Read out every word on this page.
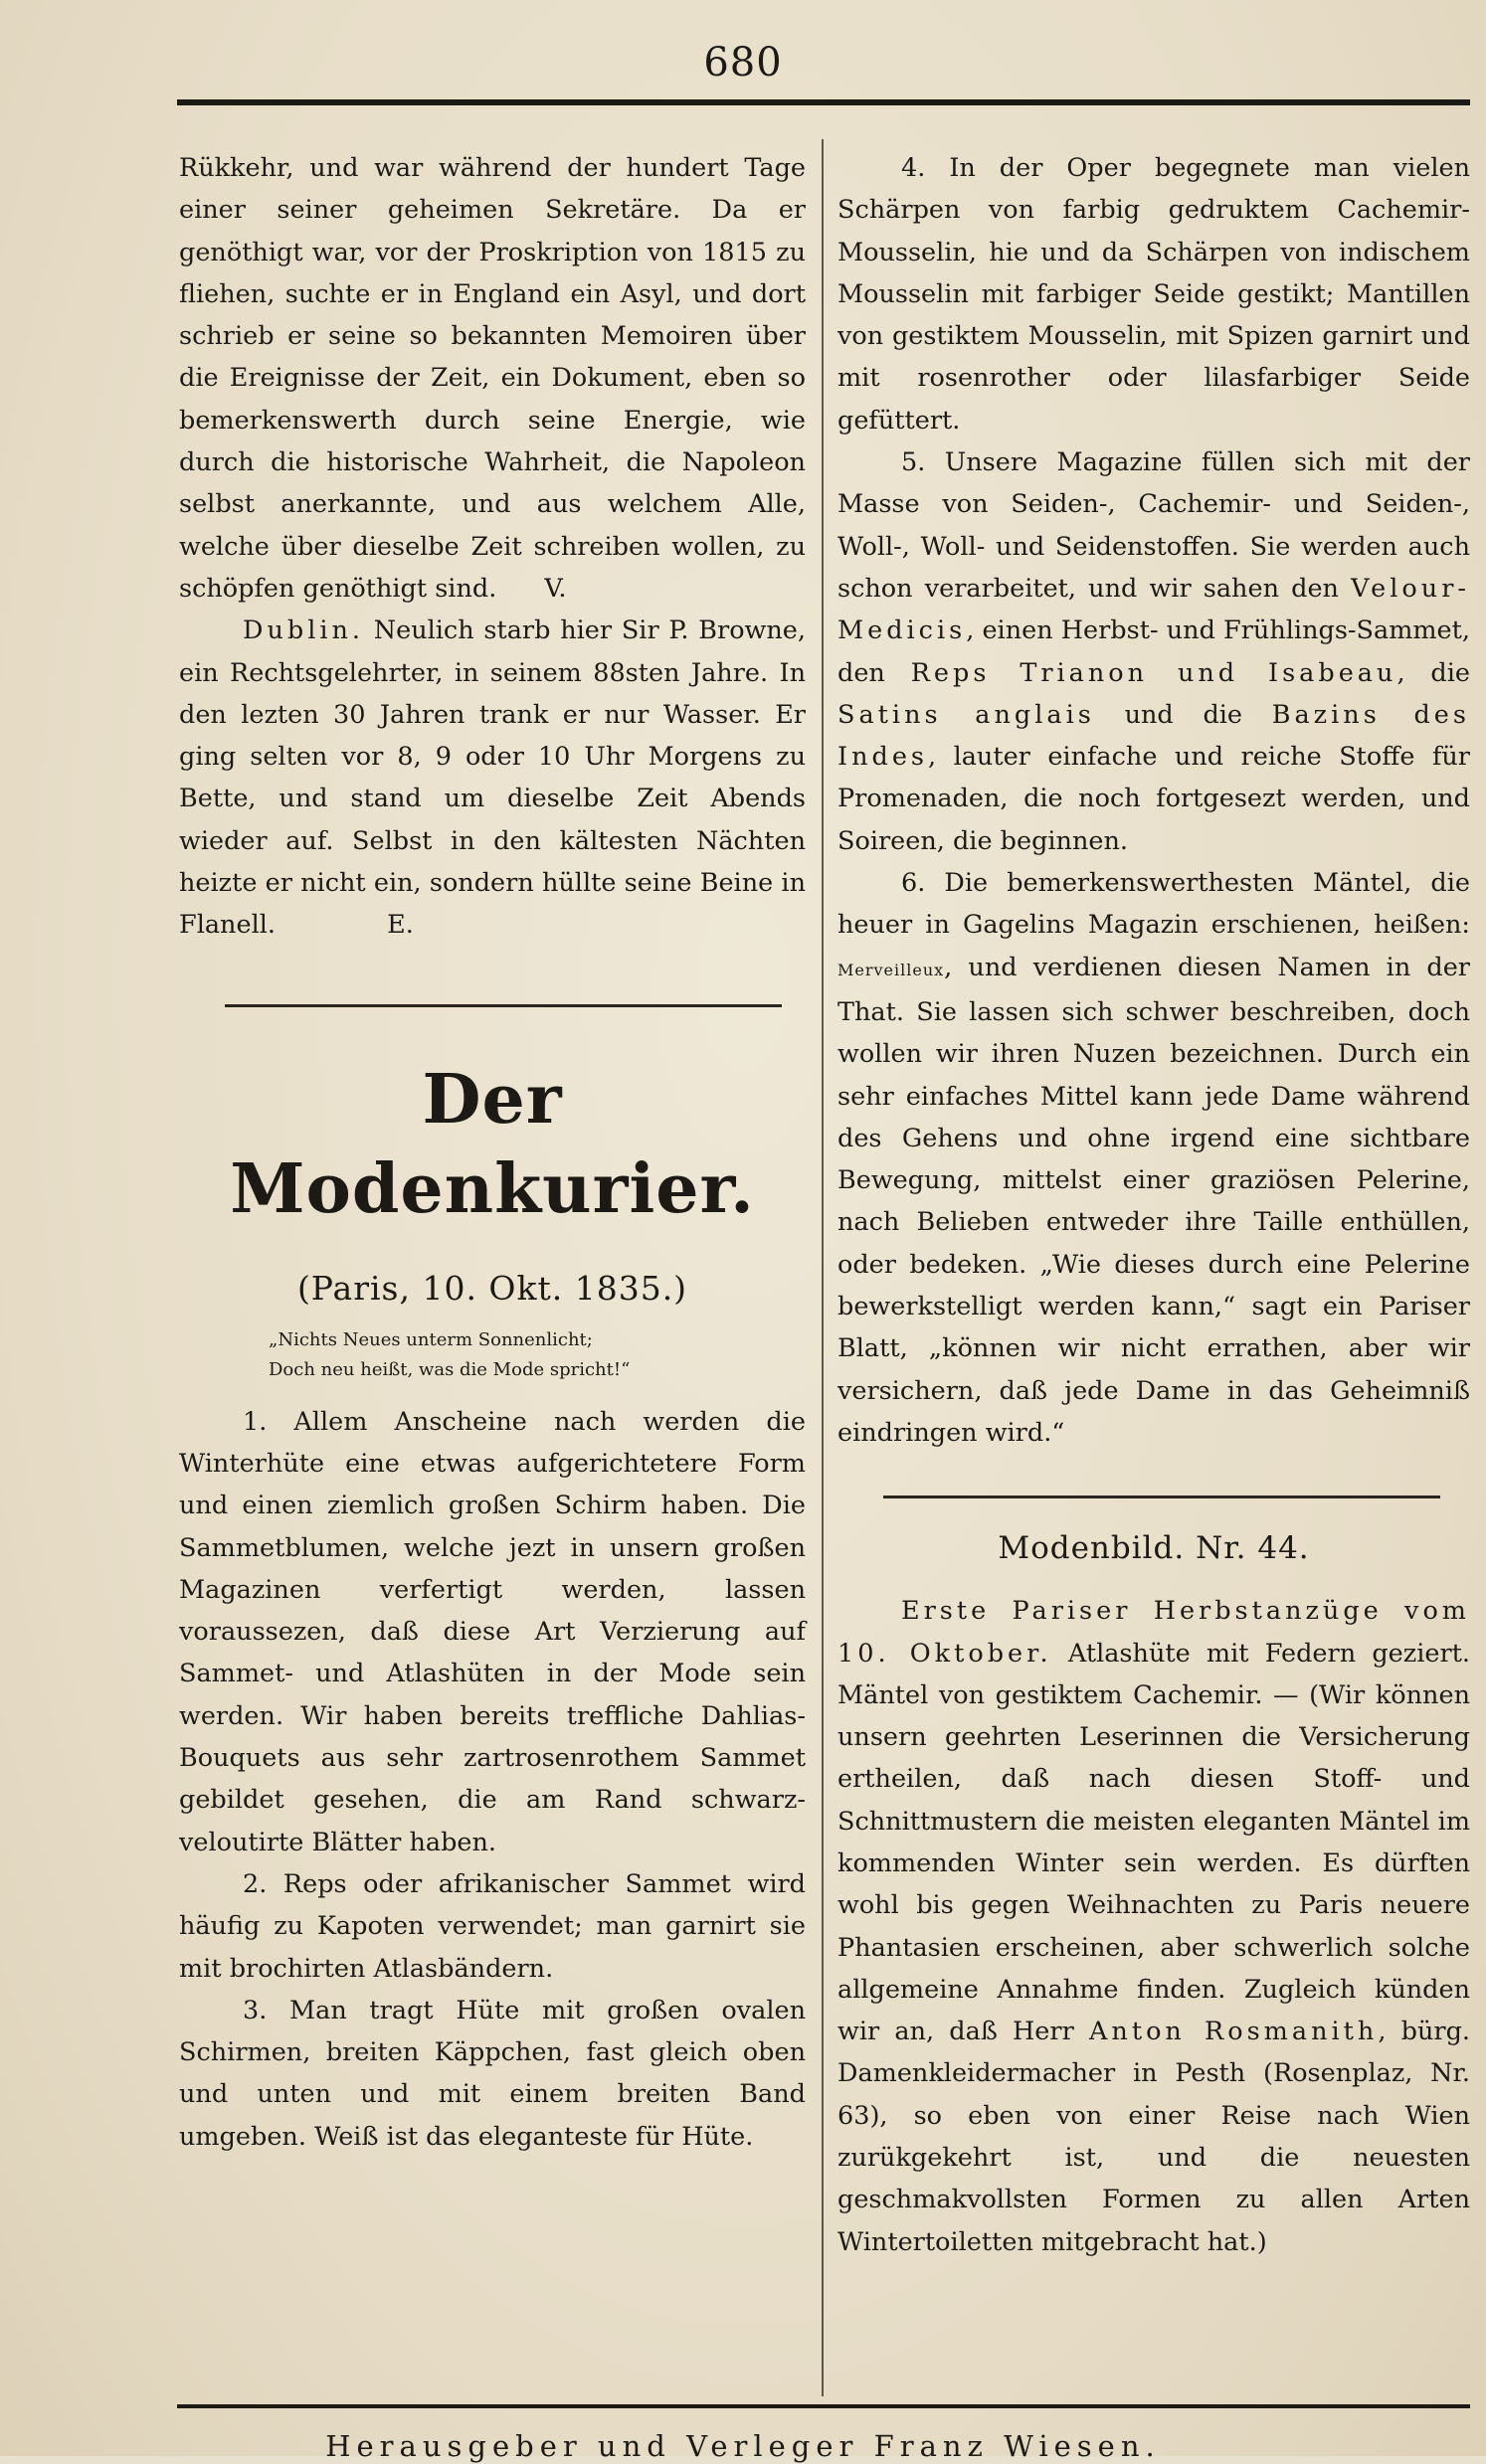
680

Rükkehr, und war während der hundert Tage einer seiner geheimen Sekretäre. Da er genöthigt war, vor der Proskription von 1815 zu fliehen, suchte er in England ein Asyl, und dort schrieb er seine so bekannten Memoiren über die Ereignisse der Zeit, ein Dokument, eben so bemerkenswerth durch seine Energie, wie durch die historische Wahrheit, die Napoleon selbst anerkannte, und aus welchem Alle, welche über dieselbe Zeit schreiben wollen, zu schöpfen genöthigt sind. V.

Dublin. Neulich starb hier Sir P. Browne, ein Rechtsgelehrter, in seinem 88sten Jahre. In den lezten 30 Jahren trank er nur Wasser. Er ging selten vor 8, 9 oder 10 Uhr Morgens zu Bette, und stand um dieselbe Zeit Abends wieder auf. Selbst in den kältesten Nächten heizte er nicht ein, sondern hüllte seine Beine in Flanell.	E.

Der Modenkurier.
(Paris, 10. Okt. 1835.)
„Nichts Neues unterm Sonnenlicht;
Doch neu heißt, was die Mode spricht!“

1. Allem Anscheine nach werden die Winterhüte eine etwas aufgerichtetere Form und einen ziemlich großen Schirm haben. Die Sammetblumen, welche jezt in unsern großen Magazinen verfertigt werden, lassen voraussezen, daß diese Art Verzierung auf Sammet- und Atlashüten in der Mode sein werden. Wir haben bereits treffliche Dahlias-Bouquets aus sehr zartrosenrothem Sammet gebildet gesehen, die am Rand schwarz-veloutirte Blätter haben.

2. Reps oder afrikanischer Sammet wird häufig zu Kapoten verwendet; man garnirt sie mit brochirten Atlasbändern.

3. Man tragt Hüte mit großen ovalen Schirmen, breiten Käppchen, fast gleich oben und unten und mit einem breiten Band umgeben. Weiß ist das eleganteste für Hüte.

4. In der Oper begegnete man vielen Schärpen von farbig gedruktem Cachemir-Mousselin, hie und da Schärpen von indischem Mousselin mit farbiger Seide gestikt; Mantillen von gestiktem Mousselin, mit Spizen garnirt und mit rosenrother oder lilasfarbiger Seide gefüttert.

5. Unsere Magazine füllen sich mit der Masse von Seiden-, Cachemir- und Seiden-, Woll-, Woll- und Seidenstoffen. Sie werden auch schon verarbeitet, und wir sahen den Velour-Medicis, einen Herbst- und Frühlings-Sammet, den Reps Trianon und Isabeau, die Satins anglais und die Bazins des Indes, lauter einfache und reiche Stoffe für Promenaden, die noch fortgesezt werden, und Soireen, die beginnen.

6. Die bemerkenswerthesten Mäntel, die heuer in Gagelins Magazin erschienen, heißen: Merveilleux, und verdienen diesen Namen in der That. Sie lassen sich schwer beschreiben, doch wollen wir ihren Nuzen bezeichnen. Durch ein sehr einfaches Mittel kann jede Dame während des Gehens und ohne irgend eine sichtbare Bewegung, mittelst einer graziösen Pelerine, nach Belieben entweder ihre Taille enthüllen, oder bedeken. „Wie dieses durch eine Pelerine bewerkstelligt werden kann,“ sagt ein Pariser Blatt, „können wir nicht errathen, aber wir versichern, daß jede Dame in das Geheimniß eindringen wird.“

Modenbild. Nr. 44.

Erste Pariser Herbstanzüge vom 10. Oktober. Atlashüte mit Federn geziert. Mäntel von gestiktem Cachemir. — (Wir können unsern geehrten Leserinnen die Versicherung ertheilen, daß nach diesen Stoff- und Schnittmustern die meisten eleganten Mäntel im kommenden Winter sein werden. Es dürften wohl bis gegen Weihnachten zu Paris neuere Phantasien erscheinen, aber schwerlich solche allgemeine Annahme finden. Zugleich künden wir an, daß Herr Anton Rosmanith, bürg. Damenkleidermacher in Pesth (Rosenplaz, Nr. 63), so eben von einer Reise nach Wien zurükgekehrt ist, und die neuesten geschmakvollsten Formen zu allen Arten Wintertoiletten mitgebracht hat.)

Herausgeber und Verleger Franz Wiesen.
